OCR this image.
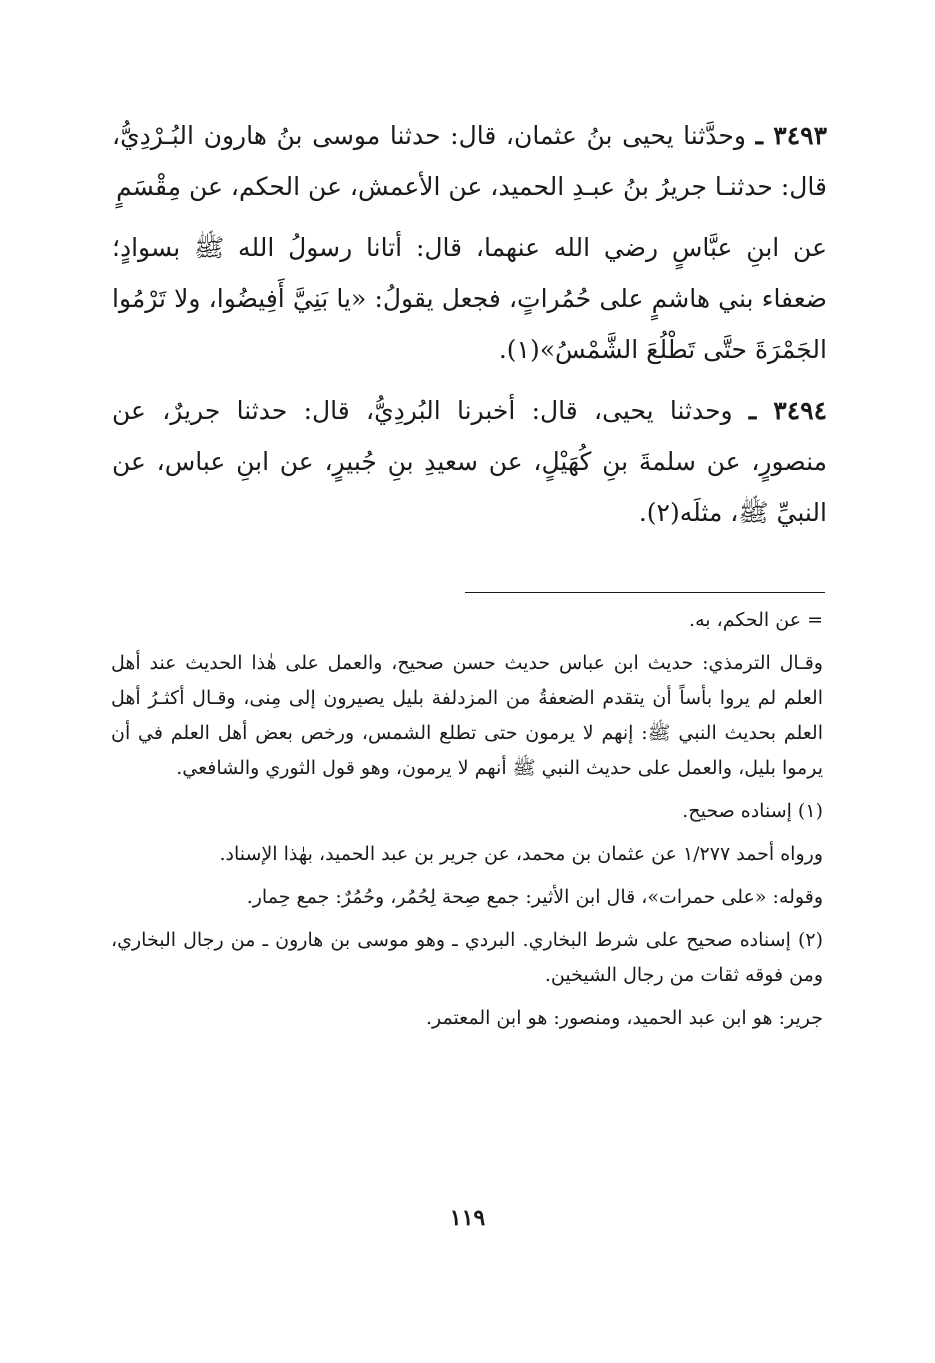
٣٤٩٣ ـ وحدَّثنا يحيى بنُ عثمان، قال: حدثنا موسى بنُ هارون البُـرْدِيُّ، قال: حدثنـا جريرُ بنُ عبـدِ الحميد، عن الأعمش، عن الحكم، عن مِقْسَمٍ

عن ابنِ عبَّاسٍ رضي الله عنهما، قال: أتانا رسولُ الله ﷺ بسوادٍ؛ ضعفاء بني هاشمٍ على حُمُراتٍ، فجعل يقولُ: «يا بَنِيَّ أَفِيضُوا، ولا تَرْمُوا الجَمْرَةَ حتَّى تَطْلُعَ الشَّمْسُ»(١).

٣٤٩٤ ـ وحدثنا يحيى، قال: أخبرنا البُردِيُّ، قال: حدثنا جريرٌ، عن منصورٍ، عن سلمةَ بنِ كُهَيْلٍ، عن سعيدِ بنِ جُبيرٍ، عن ابنِ عباس، عن النبيِّ ﷺ، مثلَه(٢).

= عن الحكم، به.

وقـال الترمذي: حديث ابن عباس حديث حسن صحيح، والعمل على هٰذا الحديث عند أهل العلم لم يروا بأساً أن يتقدم الضعفةُ من المزدلفة بليل يصيرون إلى مِنى، وقـال أكثـرُ أهل العلم بحديث النبي ﷺ: إنهم لا يرمون حتى تطلع الشمس، ورخص بعض أهل العلم في أن يرموا بليل، والعمل على حديث النبي ﷺ أنهم لا يرمون، وهو قول الثوري والشافعي.

(١) إسناده صحيح.

ورواه أحمد ١/٢٧٧ عن عثمان بن محمد، عن جرير بن عبد الحميد، بهٰذا الإسناد.

وقوله: «على حمرات»، قال ابن الأثير: جمع صِحة لِحُمُر، وحُمُرٌ: جمع حِمار.

(٢) إسناده صحيح على شرط البخاري. البردي ـ وهو موسى بن هارون ـ من رجال البخاري، ومن فوقه ثقات من رجال الشيخين.

جرير: هو ابن عبد الحميد، ومنصور: هو ابن المعتمر.

١١٩
